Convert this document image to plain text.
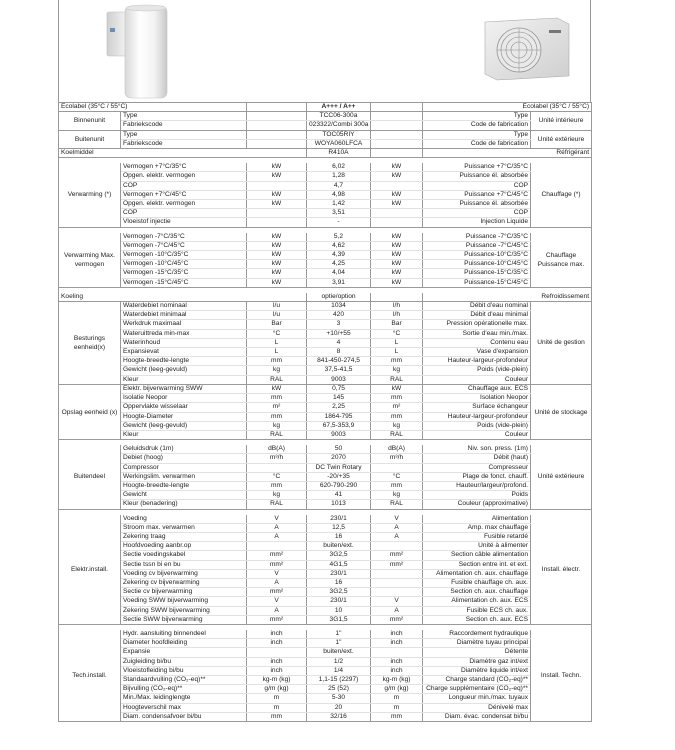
Ecolabel (35°C / 55°C)			A+++ / A++		Ecolabel (35°C / 55°C)	
Binnenunit	Type		TCC06-300a		Type	Unité intérieure
	Fabriekscode		023322/Combi 300a		Code de fabrication	
Buitenunit	Type		TOC05RIY		Type	Unité extérieure
	Fabriekscode		WOYA060LFCA		Code de fabrication	
Koelmiddel			R410A		Réfrigérant	

Verwarming (*)	Vermogen +7°C/35°C	kW	6,02	kW	Puissance +7°C/35°C	Chauffage (*)
	Opgen. elektr. vermogen	kW	1,28	kW	Puissance él. absorbée	
	COP		4,7		COP	
	Vermogen +7°C/45°C	kW	4,98	kW	Puissance +7°C/45°C	
	Opgen. elektr. vermogen	kW	1,42	kW	Puissance él. absorbée	
	COP		3,51		COP	
	Vloeistof injectie		-		Injection Liquide	

Verwarming Max. vermogen	Vermogen -7°C/35°C	kW	5,2	kW	Puissance -7°C/35°C	Chauffage Puissance max.
	Vermogen -7°C/45°C	kW	4,62	kW	Puissance -7°C/45°C	
	Vermogen -10°C/35°C	kW	4,39	kW	Puissance-10°C/35°C	
	Vermogen -10°C/45°C	kW	4,25	kW	Puissance-10°C/45°C	
	Vermogen -15°C/35°C	kW	4,04	kW	Puissance-15°C/35°C	
	Vermogen -15°C/45°C	kW	3,91	kW	Puissance-15°C/45°C	

Koeling			optie/option		Refroidissement	
Besturings eenheid(x)	Waterdebiet nominaal	l/u	1034	l/h	Débit d'eau nominal	Unité de gestion
	Waterdebiet minimaal	l/u	420	l/h	Débit d'eau minimal	
	Werkdruk maximaal	Bar	3	Bar	Pression opérationelle max.	
	Wateruittreda min-max	°C	+10/+55	°C	Sortie d'eau min./max.	
	Waterinhoud	L	4	L	Contenu eau	
	Expansievat	L	8	L	Vase d'expansion	
	Hoogte-breedte-lengte	mm	841-450-274,5	mm	Hauteur-largeur-profondeur	
	Gewicht (leeg-gevuld)	kg	37,5-41,5	kg	Poids (vide-plein)	
	Kleur	RAL	9003	RAL	Couleur	
Opslag eenheid (x)	Elektr. bijverwarming SWW	kW	0,75	kW	Chauffage aux. ECS	Unité de stockage
	Isolatie Neopor	mm	145	mm	Isolation Neopor	
	Oppervlakte wisselaar	m²	2,25	m²	Surface échangeur	
	Hoogte-Diameter	mm	1864-795	mm	Hauteur-largeur-profondeur	
	Gewicht (leeg-gevuld)	kg	67,5-353,9	kg	Poids (vide-plein)	
	Kleur	RAL	9003	RAL	Couleur	

Buitendeel	Geluidsdruk (1m)	dB(A)	50	dB(A)	Niv. son. press. (1m)	Unité extérieure
	Debiet (hoog)	m³/h	2070	m³/h	Débit (haut)	
	Compressor		DC Twin Rotary		Compresseur	
	Werkingslim. verwarmen	°C	-20/+35	°C	Plage de fonct. chauff.	
	Hoogte-breedte-lengte	mm	620-790-290	mm	Hauteur/largeur/profond.	
	Gewicht	kg	41	kg	Poids	
	Kleur (benadering)	RAL	1013	RAL	Couleur (approximative)	

Elektr.install.	Voeding	V	230/1	V	Alimentation	Install. électr.
	Stroom max. verwarmen	A	12,5	A	Amp. max chauffage	
	Zekering traag	A	16	A	Fusible retardé	
	Hoofdvoeding aanbr.op		buiten/ext.		Unité à alimenter	
	Sectie voedingskabel	mm²	3G2,5	mm²	Section câble alimentation	
	Sectie tssn bi en bu	mm²	4G1,5	mm²	Section entre int. et ext.	
	Voeding cv bijverwarming	V	230/1		Alimentation ch. aux. chauffage	
	Zekering cv bijverwarming	A	16		Fusible chauffage ch. aux.	
	Sectie cv bijverwarming	mm²	3G2,5		Section ch. aux. chauffage	
	Voeding SWW bijverwarming	V	230/1	V	Alimentation ch. aux. ECS	
	Zekering SWW bijverwarming	A	10	A	Fusible ECS ch. aux.	
	Sectie SWW bijverwarming	mm²	3G1,5	mm²	Section ch. aux. ECS	

Tech.install.	Hydr. aansluiting binnendeel	inch	1"	inch	Raccordement hydraulique	Install. Techn.
	Diameter hoofdleiding	inch	1"	inch	Diamètre tuyau principal	
	Expansie		buiten/ext.		Détente	
	Zuigleiding bi/bu	inch	1/2	inch	Diamètre gaz int/ext	
	Vloeistofleiding bi/bu	inch	1/4	inch	Diamètre liquide int/ext	
	Standaardvulling (CO₂-eq)**	kg-m (kg)	1,1-15 (2297)	kg-m (kg)	Charge standard (CO₂-eq)**	
	Bijvulling (CO₂-eq)**	g/m (kg)	25 (52)	g/m (kg)	Charge supplémentaire (CO₂-eq)**	
	Min./Max. leidinglengte	m	5-30	m	Longueur min./max. tuyaux	
	Hoogteverschil max	m	20	m	Dénivelé max	
	Diam. condensafvoer bi/bu	mm	32/16	mm	Diam. évac. condensat bi/bu	
